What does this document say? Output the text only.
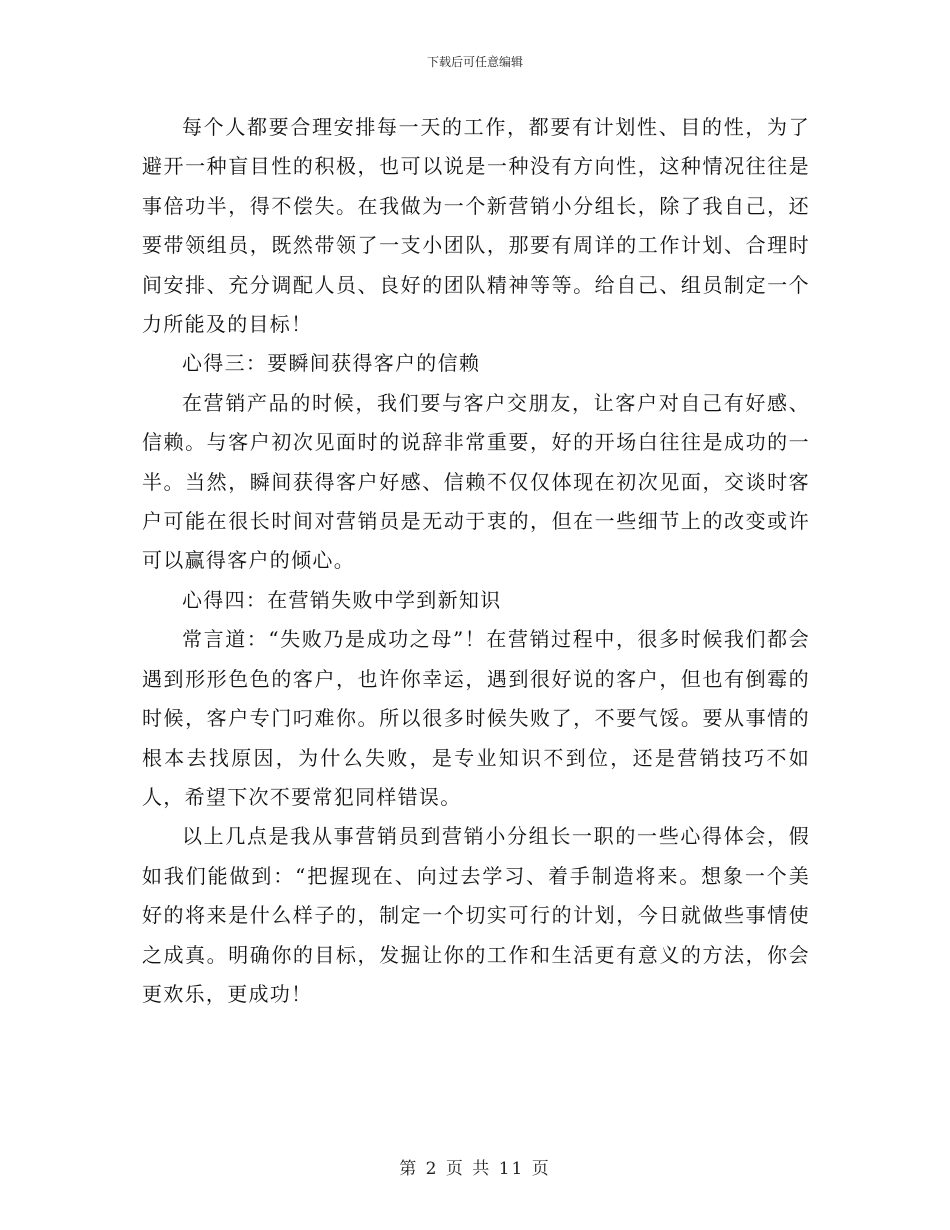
下载后可任意编辑

每个人都要合理安排每一天的工作，都要有计划性、目的性，为了避开一种盲目性的积极，也可以说是一种没有方向性，这种情况往往是事倍功半，得不偿失。在我做为一个新营销小分组长，除了我自己，还要带领组员，既然带领了一支小团队，那要有周详的工作计划、合理时间安排、充分调配人员、良好的团队精神等等。给自己、组员制定一个力所能及的目标！

心得三：要瞬间获得客户的信赖

在营销产品的时候，我们要与客户交朋友，让客户对自己有好感、信赖。与客户初次见面时的说辞非常重要，好的开场白往往是成功的一半。当然，瞬间获得客户好感、信赖不仅仅体现在初次见面，交谈时客户可能在很长时间对营销员是无动于衷的，但在一些细节上的改变或许可以赢得客户的倾心。

心得四：在营销失败中学到新知识

常言道：“失败乃是成功之母”！在营销过程中，很多时候我们都会遇到形形色色的客户，也许你幸运，遇到很好说的客户，但也有倒霉的时候，客户专门叼难你。所以很多时候失败了，不要气馁。要从事情的根本去找原因，为什么失败，是专业知识不到位，还是营销技巧不如人，希望下次不要常犯同样错误。

以上几点是我从事营销员到营销小分组长一职的一些心得体会，假如我们能做到：“把握现在、向过去学习、着手制造将来。想象一个美好的将来是什么样子的，制定一个切实可行的计划，今日就做些事情使之成真。明确你的目标，发掘让你的工作和生活更有意义的方法，你会更欢乐，更成功！

第 2 页 共 11 页
